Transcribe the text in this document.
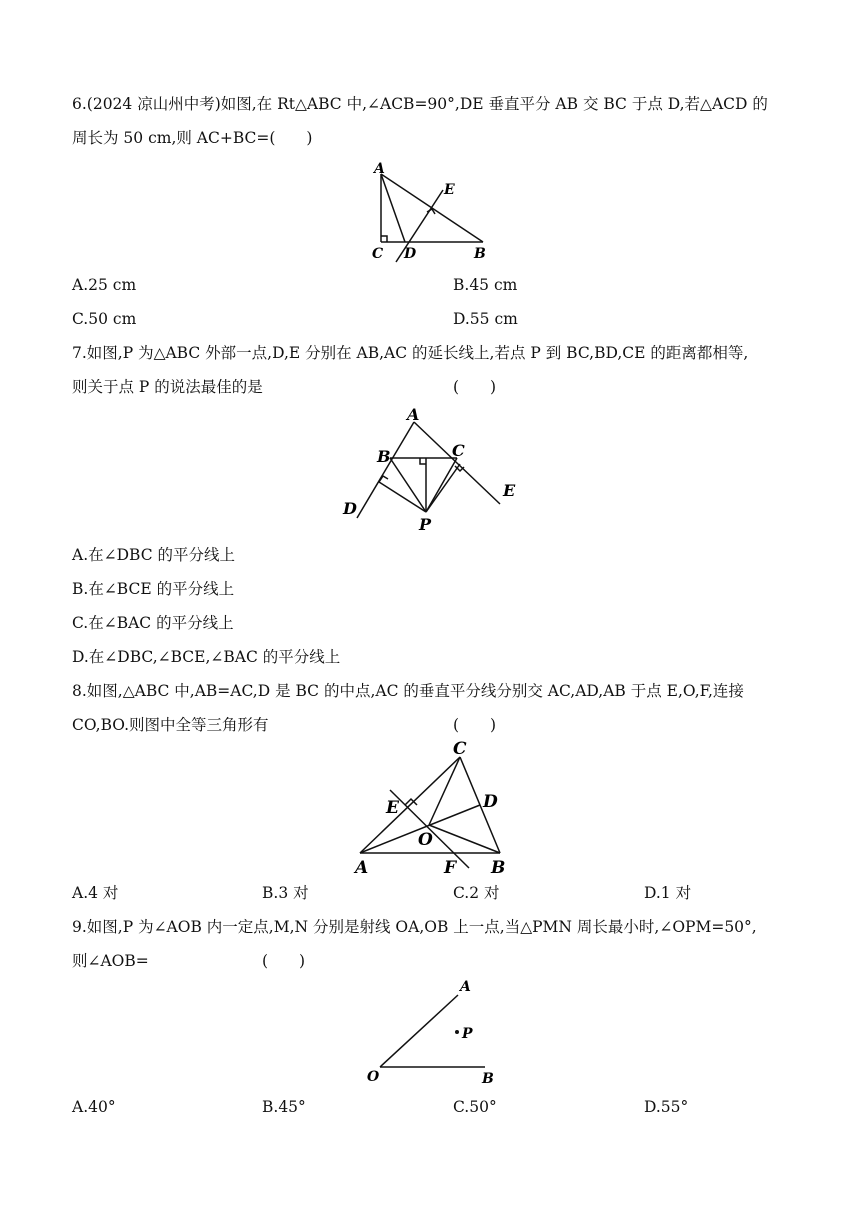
6.(2024 凉山州中考)如图,在 Rt△ABC 中,∠ACB=90°,DE 垂直平分 AB 交 BC 于点 D,若△ACD 的
周长为 50 cm,则 AC+BC=(　　)
A
E
C D	B
A.25 cm	B.45 cm
C.50 cm	D.55 cm
7.如图,P 为△ABC 外部一点,D,E 分别在 AB,AC 的延长线上,若点 P 到 BC,BD,CE 的距离都相等,
则关于点 P 的说法最佳的是	(　　)
A
B	C
D
E
P
A.在∠DBC 的平分线上
B.在∠BCE 的平分线上
C.在∠BAC 的平分线上
D.在∠DBC,∠BCE,∠BAC 的平分线上
8.如图,△ABC 中,AB=AC,D 是 BC 的中点,AC 的垂直平分线分别交 AC,AD,AB 于点 E,O,F,连接
CO,BO.则图中全等三角形有	(　　)
C
E	D
O
A	F B
A.4 对	B.3 对	C.2 对	D.1 对
9.如图,P 为∠AOB 内一定点,M,N 分别是射线 OA,OB 上一点,当△PMN 周长最小时,∠OPM=50°,
则∠AOB=	(　　)
A
P
O	B
A.40°	B.45°	C.50°	D.55°
